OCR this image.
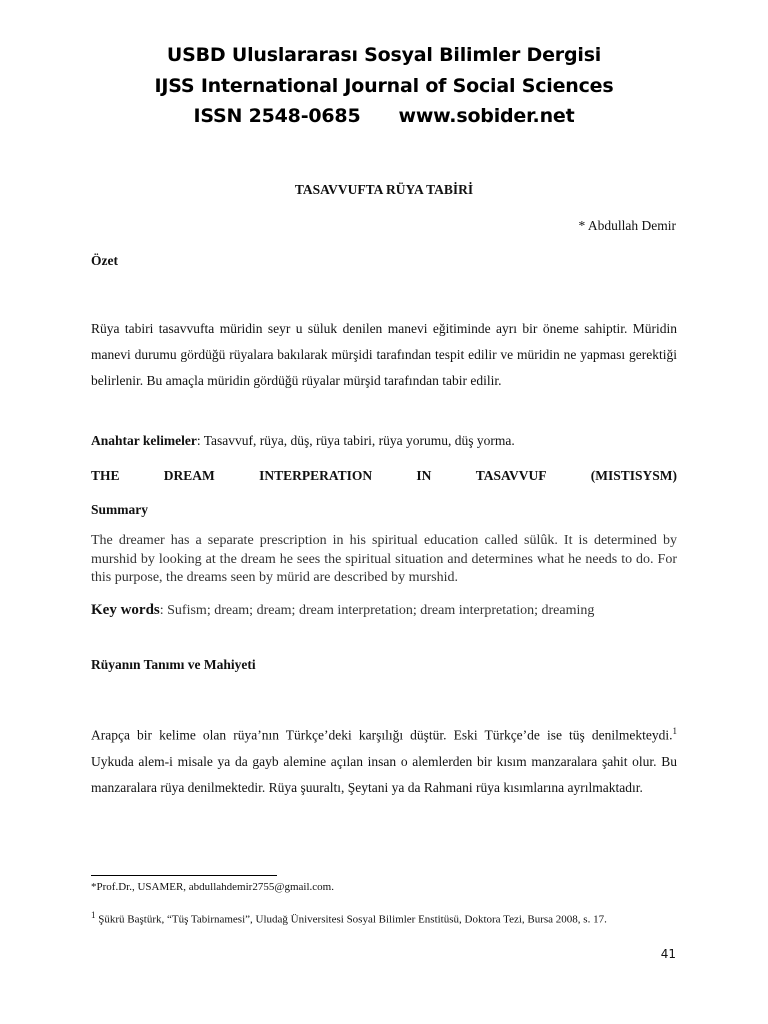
USBD Uluslararası Sosyal Bilimler Dergisi
IJSS International Journal of Social Sciences
ISSN 2548-0685 www.sobider.net
TASAVVUFTA RÜYA TABİRİ
* Abdullah Demir
Özet
Rüya tabiri tasavvufta müridin seyr u süluk denilen manevi eğitiminde ayrı bir öneme sahiptir. Müridin manevi durumu gördüğü rüyalara bakılarak mürşidi tarafından tespit edilir ve müridin ne yapması gerektiği belirlenir. Bu amaçla müridin gördüğü rüyalar mürşid tarafından tabir edilir.
Anahtar kelimeler: Tasavvuf, rüya, düş, rüya tabiri, rüya yorumu, düş yorma.
THE	DREAM	INTERPERATION	IN	TASAVVUF	(MISTISYSM)
Summary
The dreamer has a separate prescription in his spiritual education called sülûk. It is determined by murshid by looking at the dream he sees the spiritual situation and determines what he needs to do. For this purpose, the dreams seen by mürid are described by murshid.
Key words: Sufism; dream; dream; dream interpretation; dream interpretation; dreaming
Rüyanın Tanımı ve Mahiyeti
Arapça bir kelime olan rüya’nın Türkçe’deki karşılığı düştür. Eski Türkçe’de ise tüş denilmekteydi.$^1$ Uykuda alem-i misale ya da gayb alemine açılan insan o alemlerden bir kısım manzaralara şahit olur. Bu manzaralara rüya denilmektedir. Rüya şuuraltı, Şeytani ya da Rahmani rüya kısımlarına ayrılmaktadır.
*Prof.Dr., USAMER, abdullahdemir2755@gmail.com.
$^1$ Şükrü Baştürk, “Tüş Tabirnamesi”, Uludağ Üniversitesi Sosyal Bilimler Enstitüsü, Doktora Tezi, Bursa 2008, s. 17.
41
